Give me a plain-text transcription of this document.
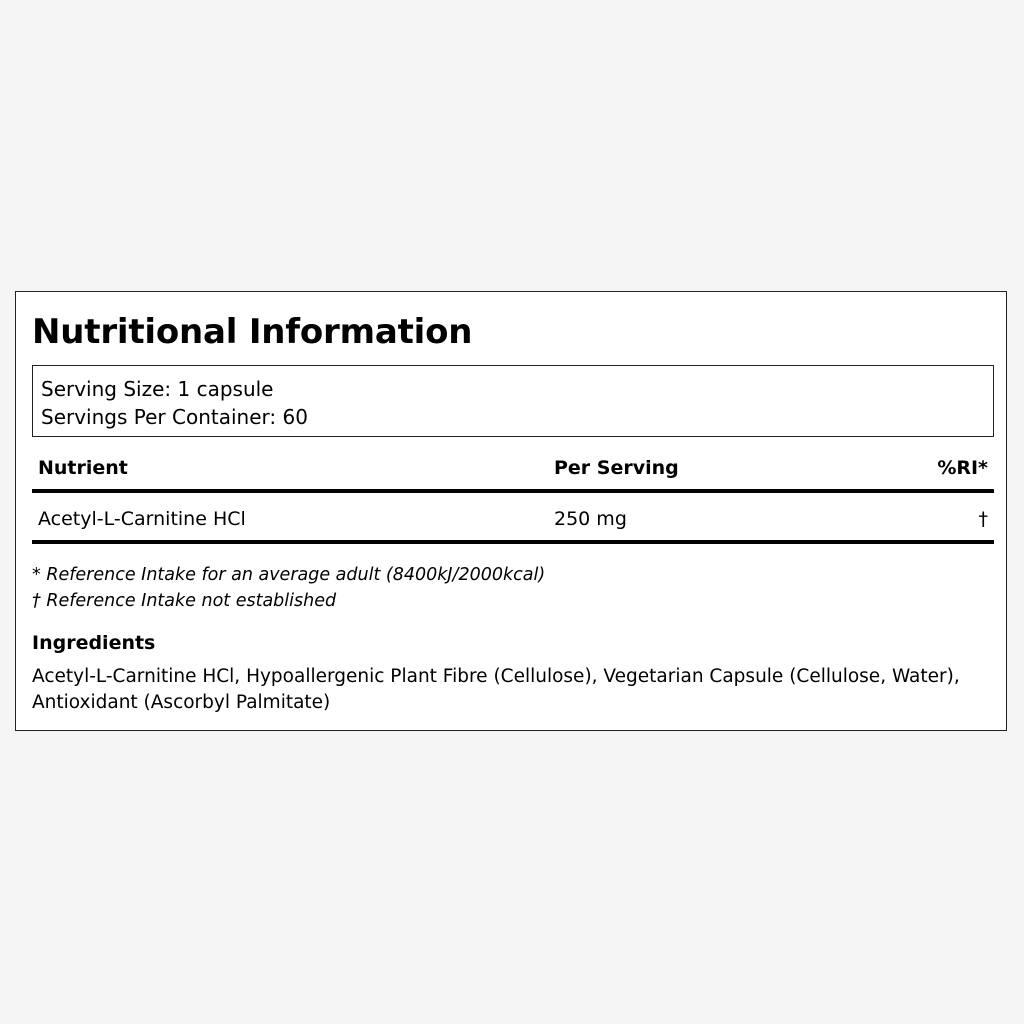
Nutritional Information
Serving Size: 1 capsule
Servings Per Container: 60
Nutrient	Per Serving	%RI*
Acetyl-L-Carnitine HCl	250 mg	†
* Reference Intake for an average adult (8400kJ/2000kcal)
† Reference Intake not established
Ingredients

Acetyl-L-Carnitine HCl, Hypoallergenic Plant Fibre (Cellulose), Vegetarian Capsule (Cellulose, Water), Antioxidant (Ascorbyl Palmitate)
